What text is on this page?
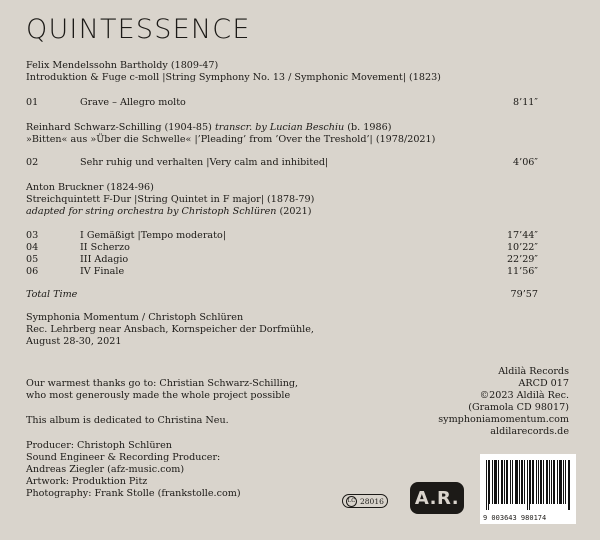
QUINTESSENCE
Felix Mendelssohn Bartholdy (1809-47)
Introduktion & Fuge c-moll |String Symphony No. 13 / Symphonic Movement| (1823)
01	Grave – Allegro molto	8’11″
Reinhard Schwarz-Schilling (1904-85) transcr. by Lucian Beschiu (b. 1986)
»Bitten« aus »Über die Schwelle« |’Pleading’ from ’Over the Treshold’| (1978/2021)
02	Sehr ruhig und verhalten |Very calm and inhibited|	4’06″
Anton Bruckner (1824-96)
Streichquintett F-Dur |String Quintet in F major| (1878-79)
adapted for string orchestra by Christoph Schlüren (2021)
03	I Gemäßigt |Tempo moderato|	17’44″
04	II Scherzo	10’22″
05	III Adagio	22’29″
06	IV Finale	11’56″
Total Time	79’57
Symphonia Momentum / Christoph Schlüren
Rec. Lehrberg near Ansbach, Kornspeicher der Dorfmühle,
August 28-30, 2021
Our warmest thanks go to: Christian Schwarz-Schilling,
who most generously made the whole project possible
This album is dedicated to Christina Neu.
Producer: Christoph Schlüren
Sound Engineer & Recording Producer:
Andreas Ziegler (afz-music.com)
Artwork: Produktion Pitz
Photography: Frank Stolle (frankstolle.com)
Aldilà Records
ARCD 017
©2023 Aldilà Rec.
(Gramola CD 98017)
symphoniamomentum.com
aldilarecords.de
LC 28016 A.R.
9 003643 980174
